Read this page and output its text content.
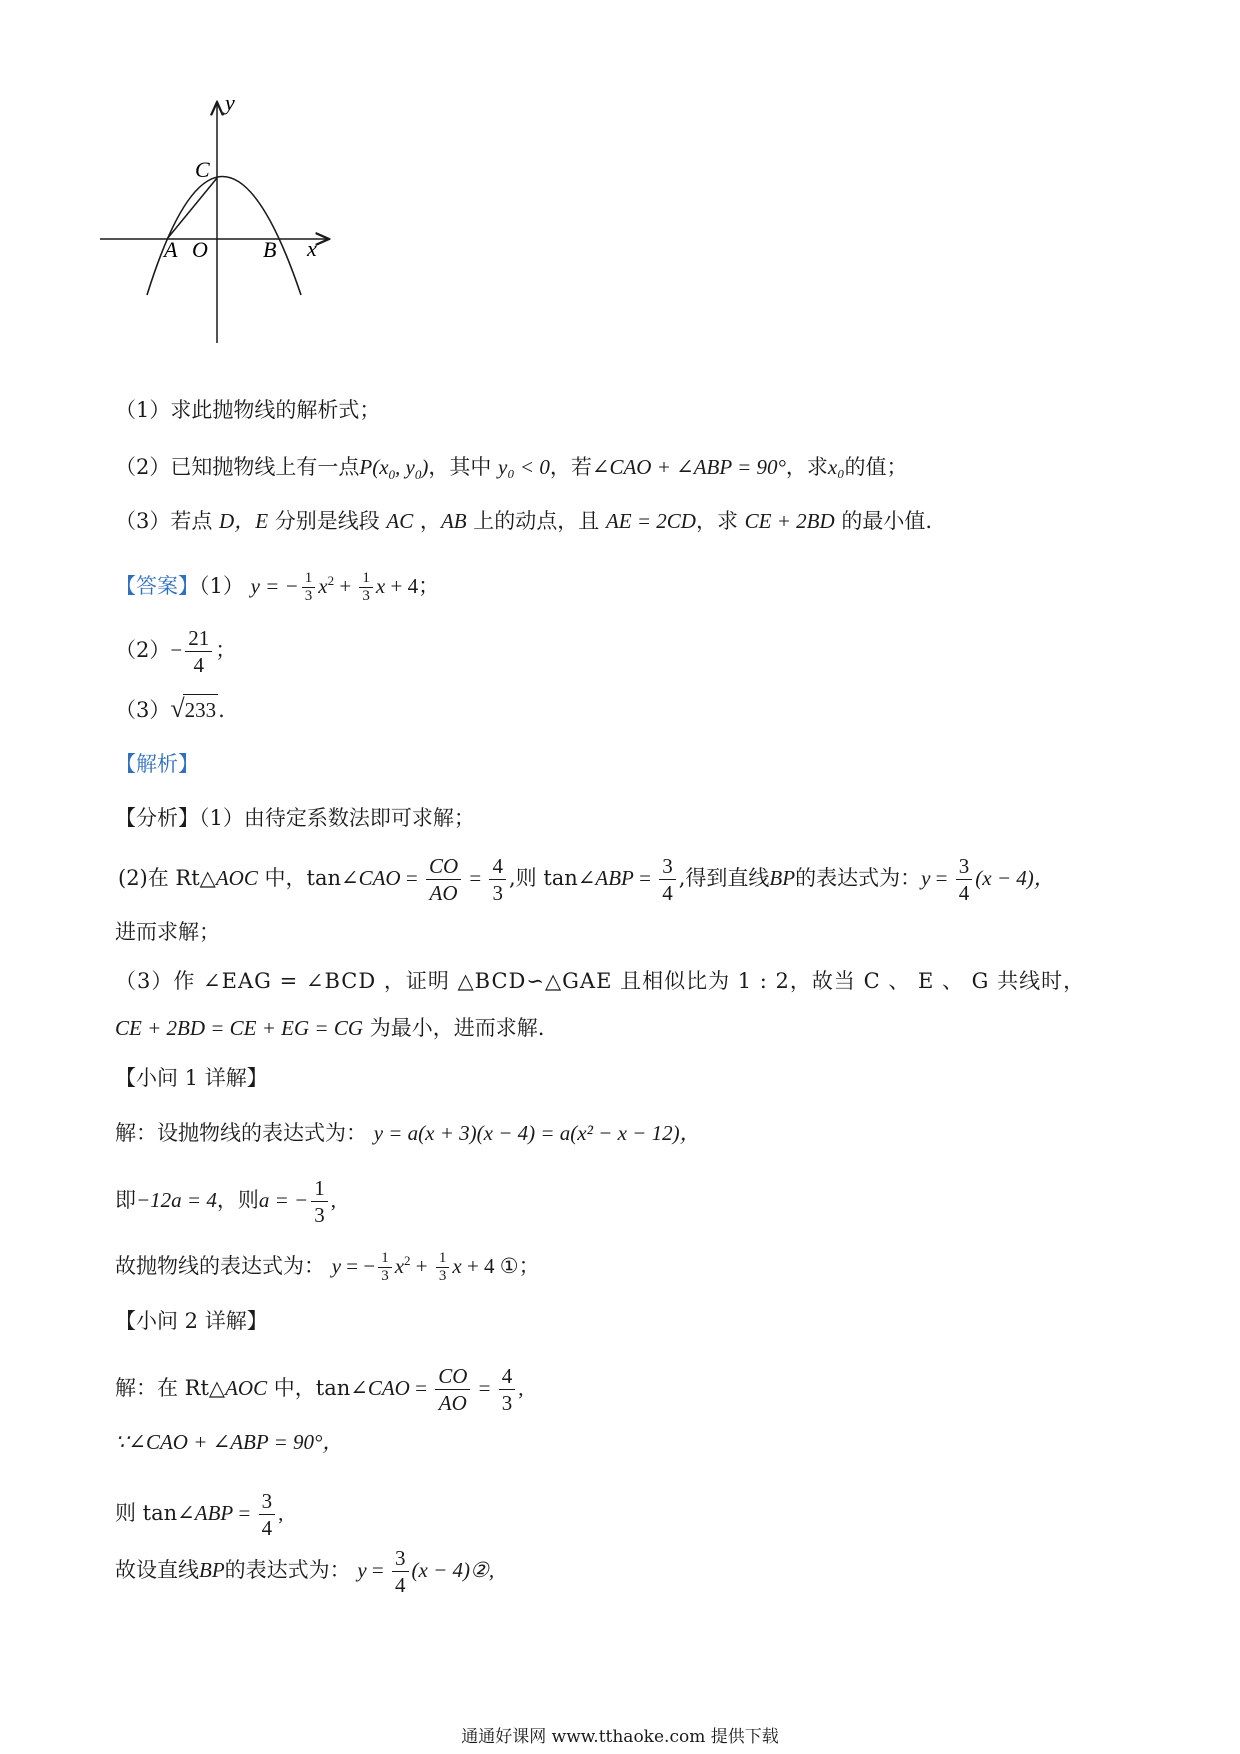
y
x
C
A O	B
（1）求此抛物线的解析式；
（2）已知抛物线上有一点$P(x_0$, $y_0$)，其中 y₀ < 0，若∠CAO + ∠ABP = 90°，求x₀的值；
（3）若点 D，E 分别是线段 AC ，AB 上的动点，且 AE = 2CD，求 CE + 2BD 的最小值.
【答案】（1） y = − $\frac{1}{3} x^2 + \frac{1}{3}$ x + 4；
$(2)- \frac{21}{4}$ ；
（3）√233.
【解析】
【分析】（1）由待定系数法即可求解；
(2)在 Rt△AOC 中，tan∠CAO = $\frac{CO}{AO} = \frac{4}{3}$ ,则 tan∠ABP = $\frac{3}{4}$ ,得到直线BP的表达式为：$y = \frac{3}{4} (x - 4)$，
进而求解；
（3）作 ∠EAG = ∠BCD ，证明 △BCD∽△GAE 且相似比为 1 : 2，故当 C 、 E 、 G 共线时，
CE + 2BD = CE + EG = CG 为最小，进而求解.
【小问 1 详解】
解：设抛物线的表达式为： y = a(x + 3)(x − 4) = a(x² − x − 12)，
即−12a = 4，则a = − $\frac{1}{3}$ ,
故抛物线的表达式为： y = − $\frac{1}{3} x^2 + \frac{1}{3}$ x + 4 ①；
【小问 2 详解】
解：在 Rt△AOC 中，tan∠CAO = $\frac{CO}{AO} = \frac{4}{3}$ ,
∵∠CAO + ∠ABP = 90°，
则 tan∠ABP = $\frac{3}{4}$ ,
故设直线BP的表达式为： $y = \frac{3}{4} (x$ − 4)②,
通通好课网 www.tthaoke.com 提供下载
